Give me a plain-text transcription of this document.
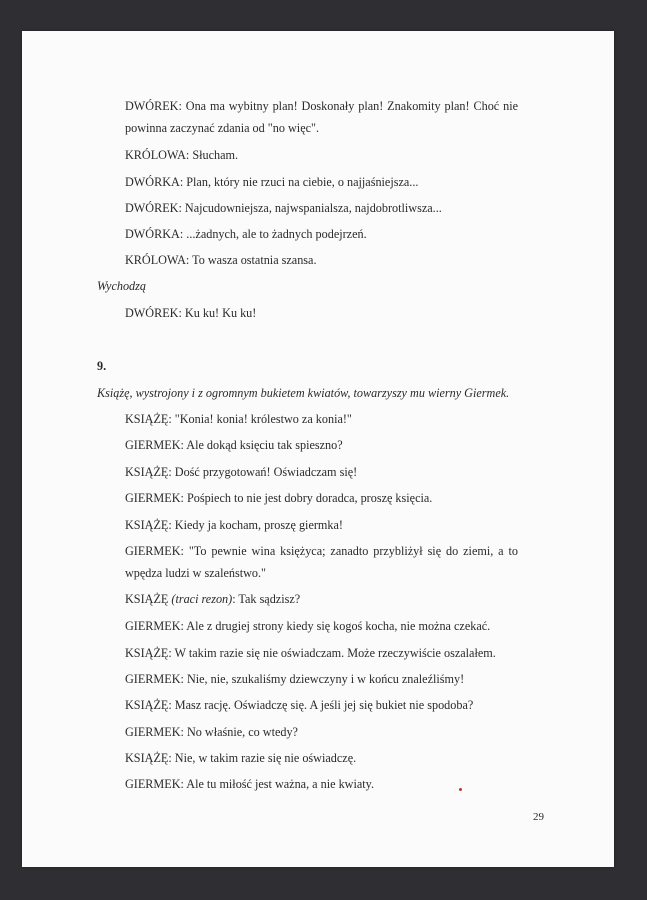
DWÓREK: Ona ma wybitny plan! Doskonały plan! Znakomity plan! Choć nie
powinna zaczynać zdania od "no więc".
KRÓLOWA: Słucham.
DWÓRKA: Plan, który nie rzuci na ciebie, o najjaśniejsza...
DWÓREK: Najcudowniejsza, najwspanialsza, najdobrotliwsza...
DWÓRKA: ...żadnych, ale to żadnych podejrzeń.
KRÓLOWA: To wasza ostatnia szansa.
Wychodzą
DWÓREK: Ku ku! Ku ku!
9.
Książę, wystrojony i z ogromnym bukietem kwiatów, towarzyszy mu wierny Giermek.
KSIĄŻĘ: "Konia! konia! królestwo za konia!"
GIERMEK: Ale dokąd księciu tak spieszno?
KSIĄŻĘ: Dość przygotowań! Oświadczam się!
GIERMEK: Pośpiech to nie jest dobry doradca, proszę księcia.
KSIĄŻĘ: Kiedy ja kocham, proszę giermka!
GIERMEK: "To pewnie wina księżyca; zanadto przybliżył się do ziemi, a to
wpędza ludzi w szaleństwo."
KSIĄŻĘ (traci rezon): Tak sądzisz?
GIERMEK: Ale z drugiej strony kiedy się kogoś kocha, nie można czekać.
KSIĄŻĘ: W takim razie się nie oświadczam. Może rzeczywiście oszalałem.
GIERMEK: Nie, nie, szukaliśmy dziewczyny i w końcu znaleźliśmy!
KSIĄŻĘ: Masz rację. Oświadczę się. A jeśli jej się bukiet nie spodoba?
GIERMEK: No właśnie, co wtedy?
KSIĄŻĘ: Nie, w takim razie się nie oświadczę.
GIERMEK: Ale tu miłość jest ważna, a nie kwiaty.
29
